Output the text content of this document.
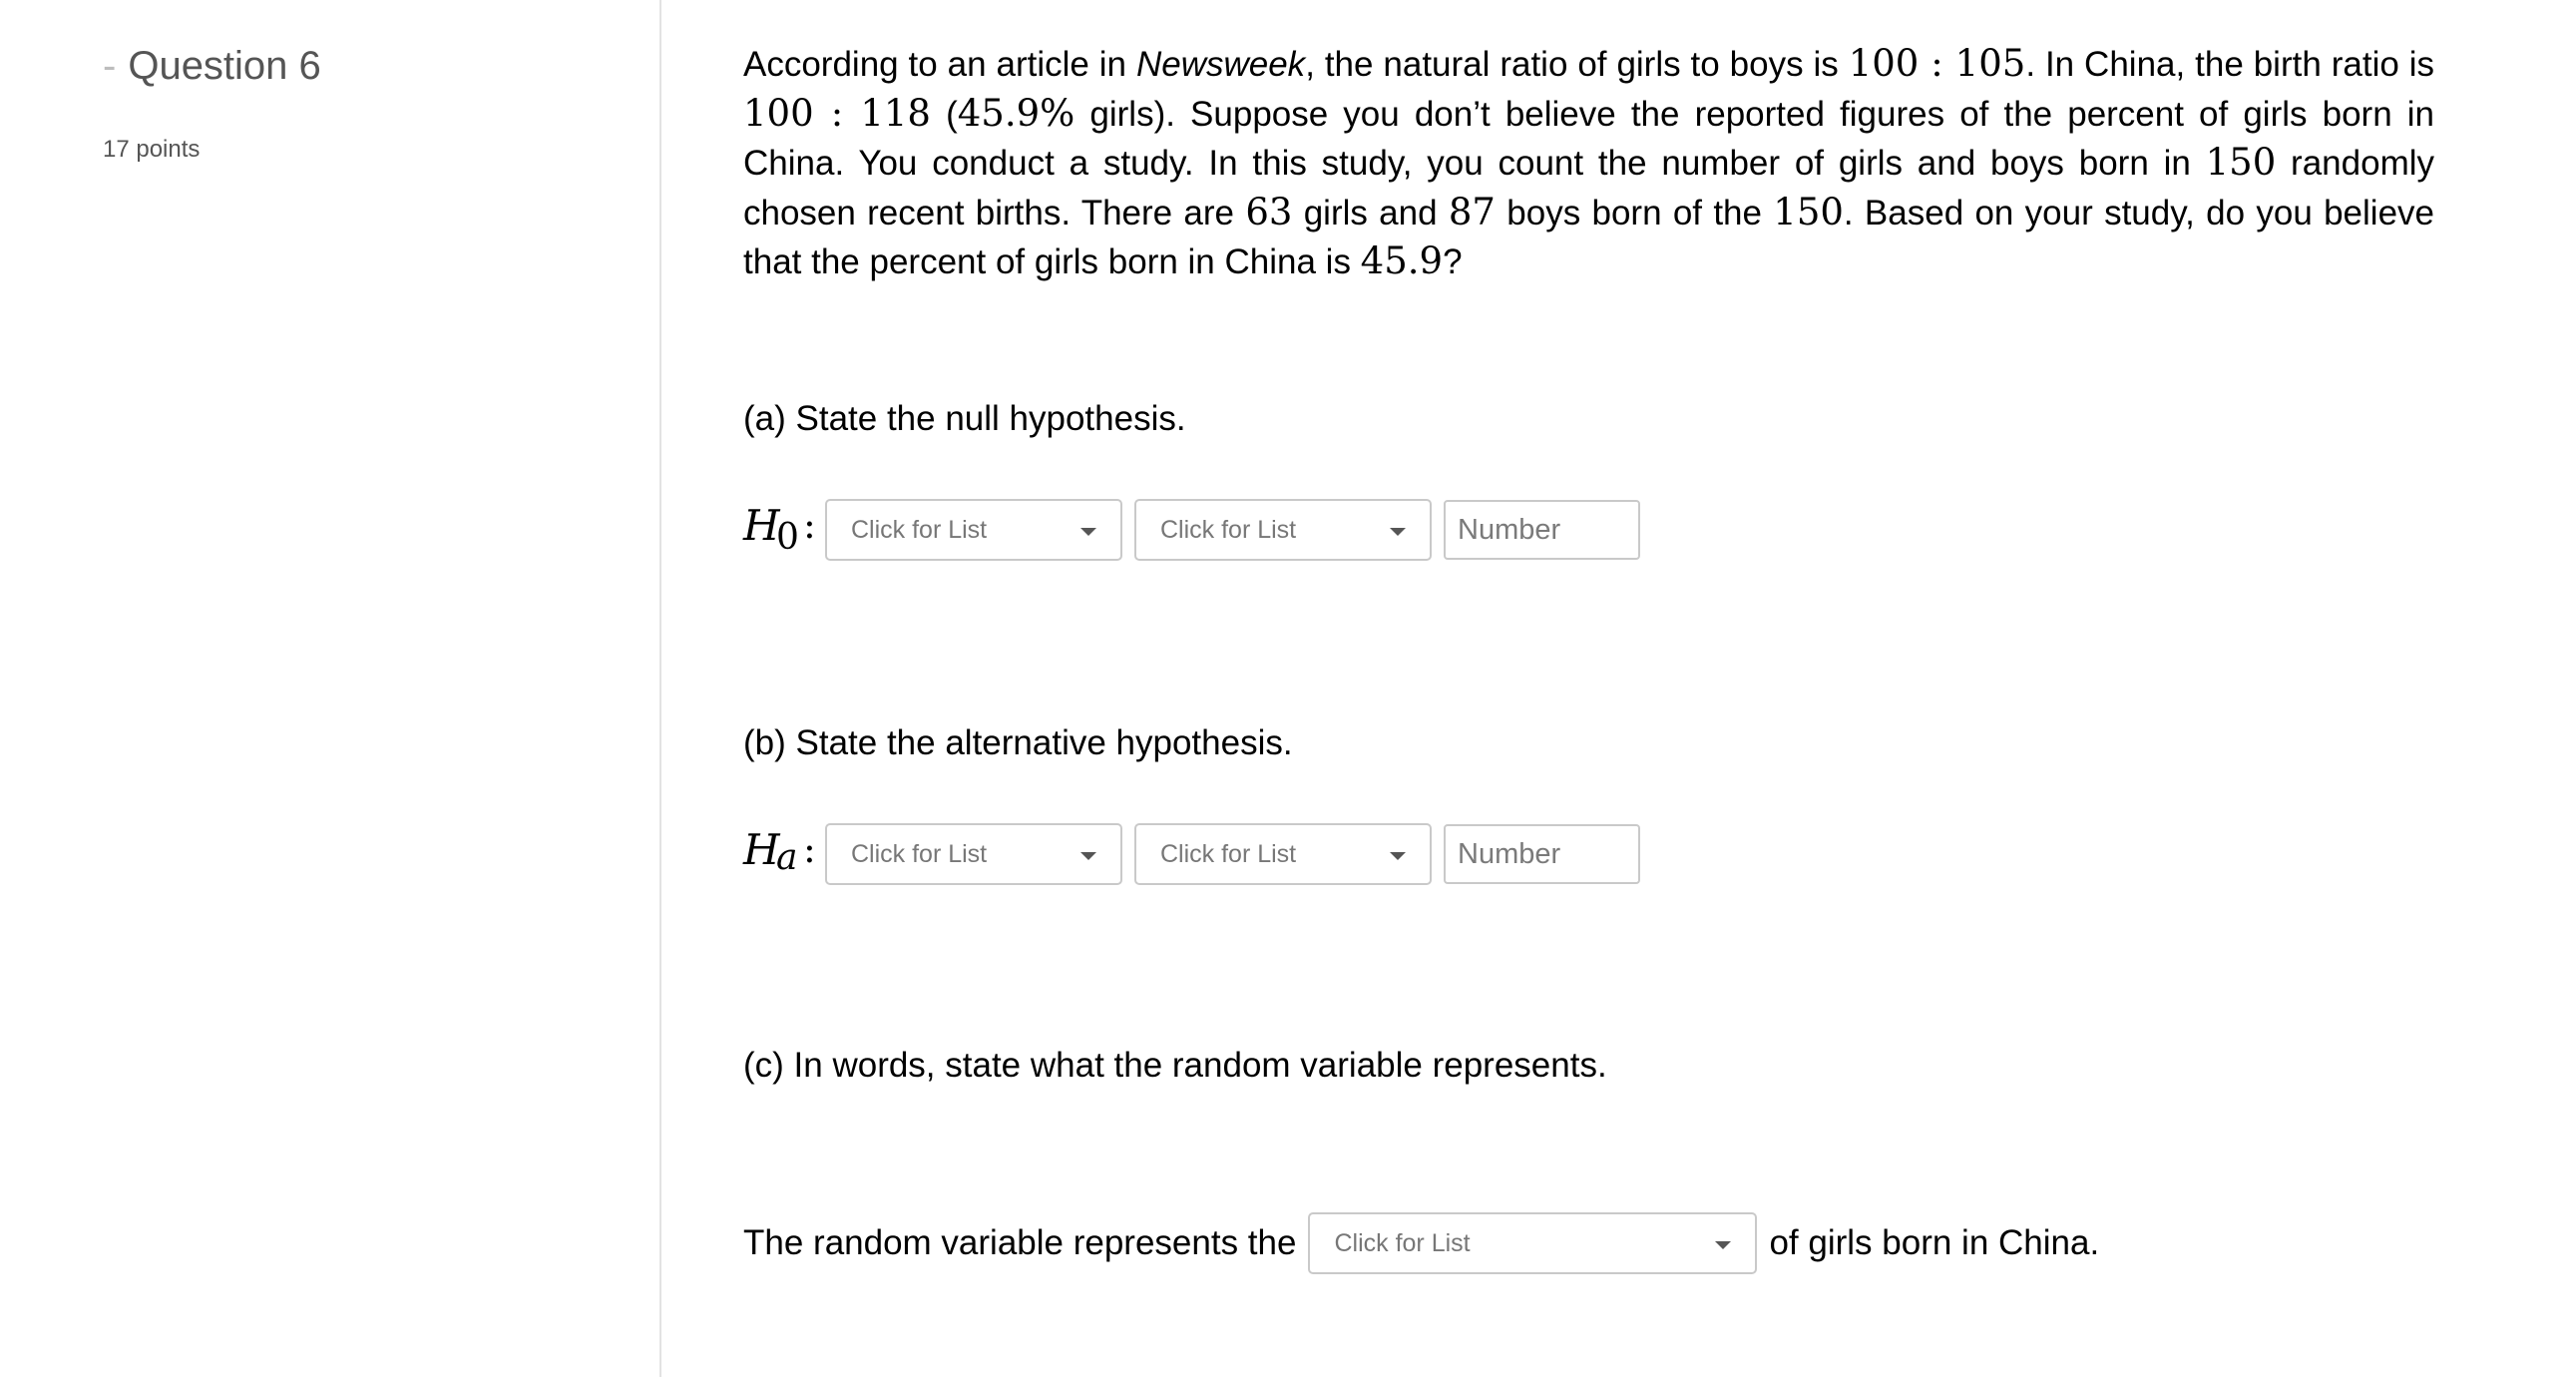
- Question 6
17 points

According to an article in Newsweek, the natural ratio of girls to boys is 100 : 105. In China, the birth ratio is 100 : 118 (45.9% girls). Suppose you don’t believe the reported figures of the percent of girls born in China. You conduct a study. In this study, you count the number of girls and boys born in 150 randomly chosen recent births. There are 63 girls and 87 boys born of the 150. Based on your study, do you believe that the percent of girls born in China is 45.9?

(a) State the null hypothesis.
H
0 : Click for List	Click for List	Number
(b) State the alternative hypothesis.
H
a : Click for List	Click for List	Number
(c) In words, state what the random variable represents.
The random variable represents the Click for List	of girls born in China.
